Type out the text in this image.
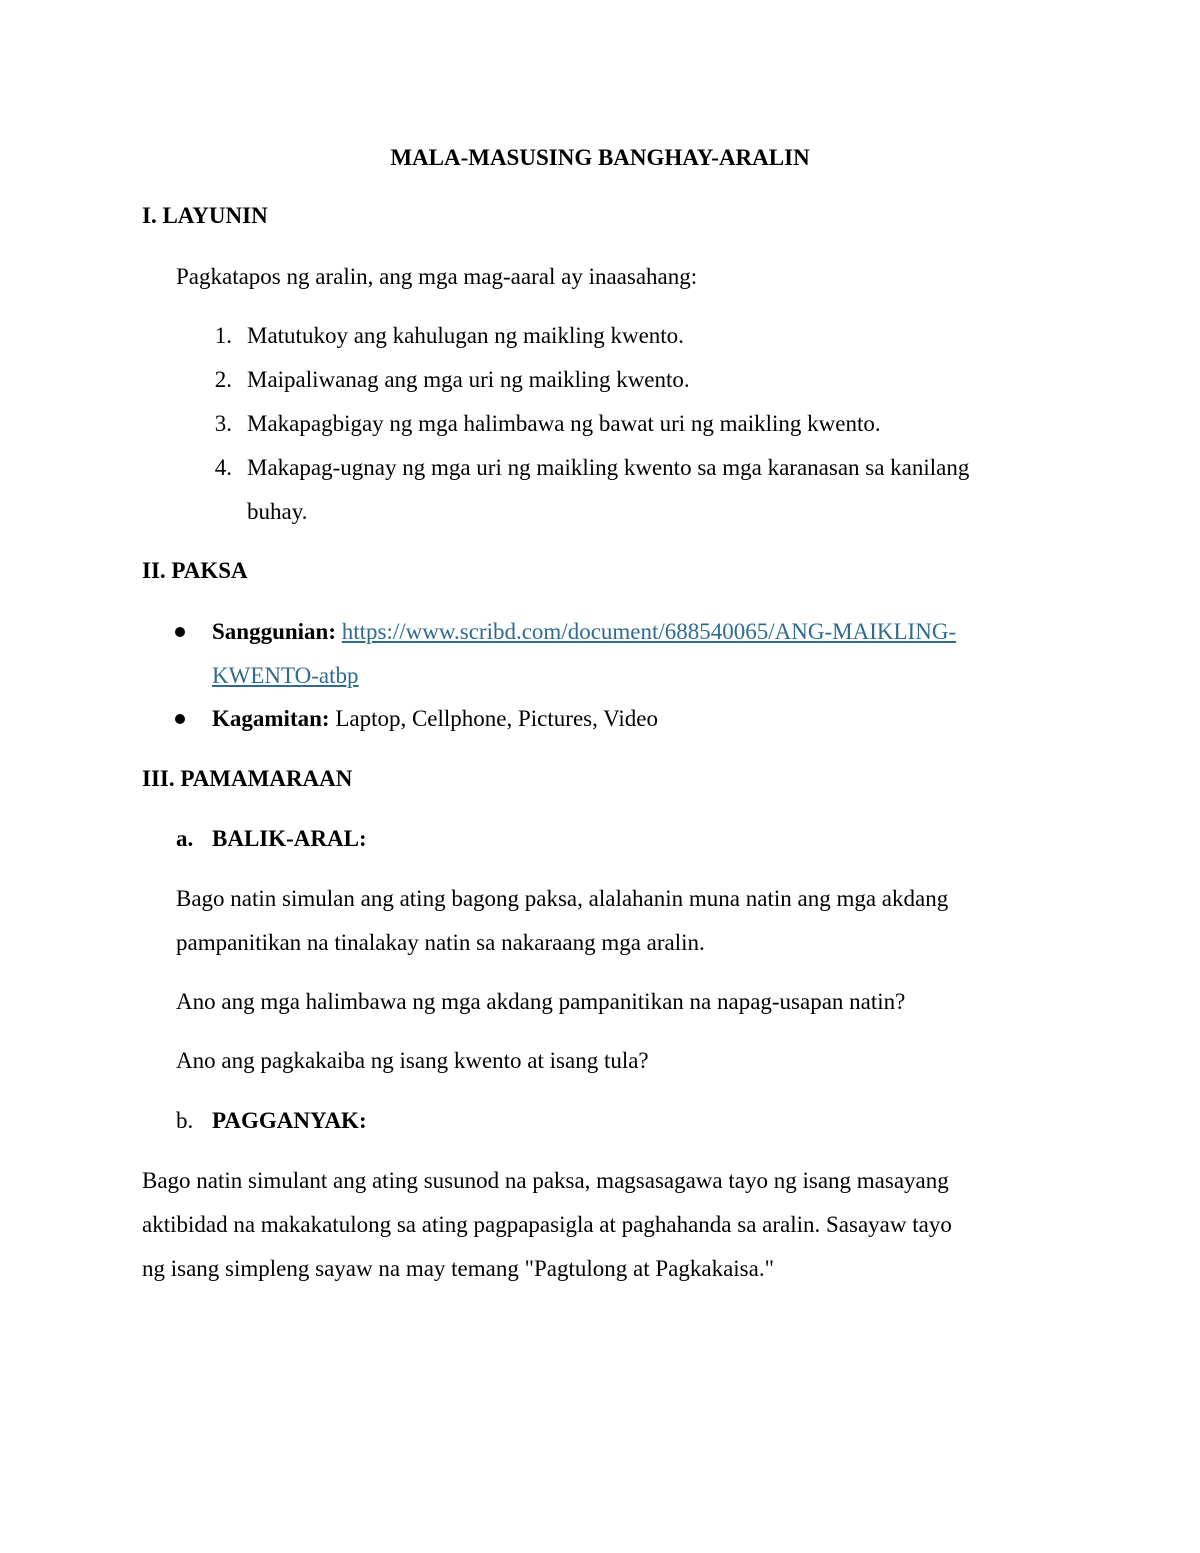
MALA-MASUSING BANGHAY-ARALIN
I. LAYUNIN
Pagkatapos ng aralin, ang mga mag-aaral ay inaasahang:
1. Matutukoy ang kahulugan ng maikling kwento.
2. Maipaliwanag ang mga uri ng maikling kwento.
3. Makapagbigay ng mga halimbawa ng bawat uri ng maikling kwento.
4. Makapag-ugnay ng mga uri ng maikling kwento sa mga karanasan sa kanilang
buhay.
II. PAKSA
Sanggunian: https://www.scribd.com/document/688540065/ANG-MAIKLING-
KWENTO-atbp
Kagamitan: Laptop, Cellphone, Pictures, Video
III. PAMAMARAAN
a. BALIK-ARAL:
Bago natin simulan ang ating bagong paksa, alalahanin muna natin ang mga akdang
pampanitikan na tinalakay natin sa nakaraang mga aralin.
Ano ang mga halimbawa ng mga akdang pampanitikan na napag-usapan natin?
Ano ang pagkakaiba ng isang kwento at isang tula?
b. PAGGANYAK:
Bago natin simulant ang ating susunod na paksa, magsasagawa tayo ng isang masayang
aktibidad na makakatulong sa ating pagpapasigla at paghahanda sa aralin. Sasayaw tayo
ng isang simpleng sayaw na may temang "Pagtulong at Pagkakaisa."
